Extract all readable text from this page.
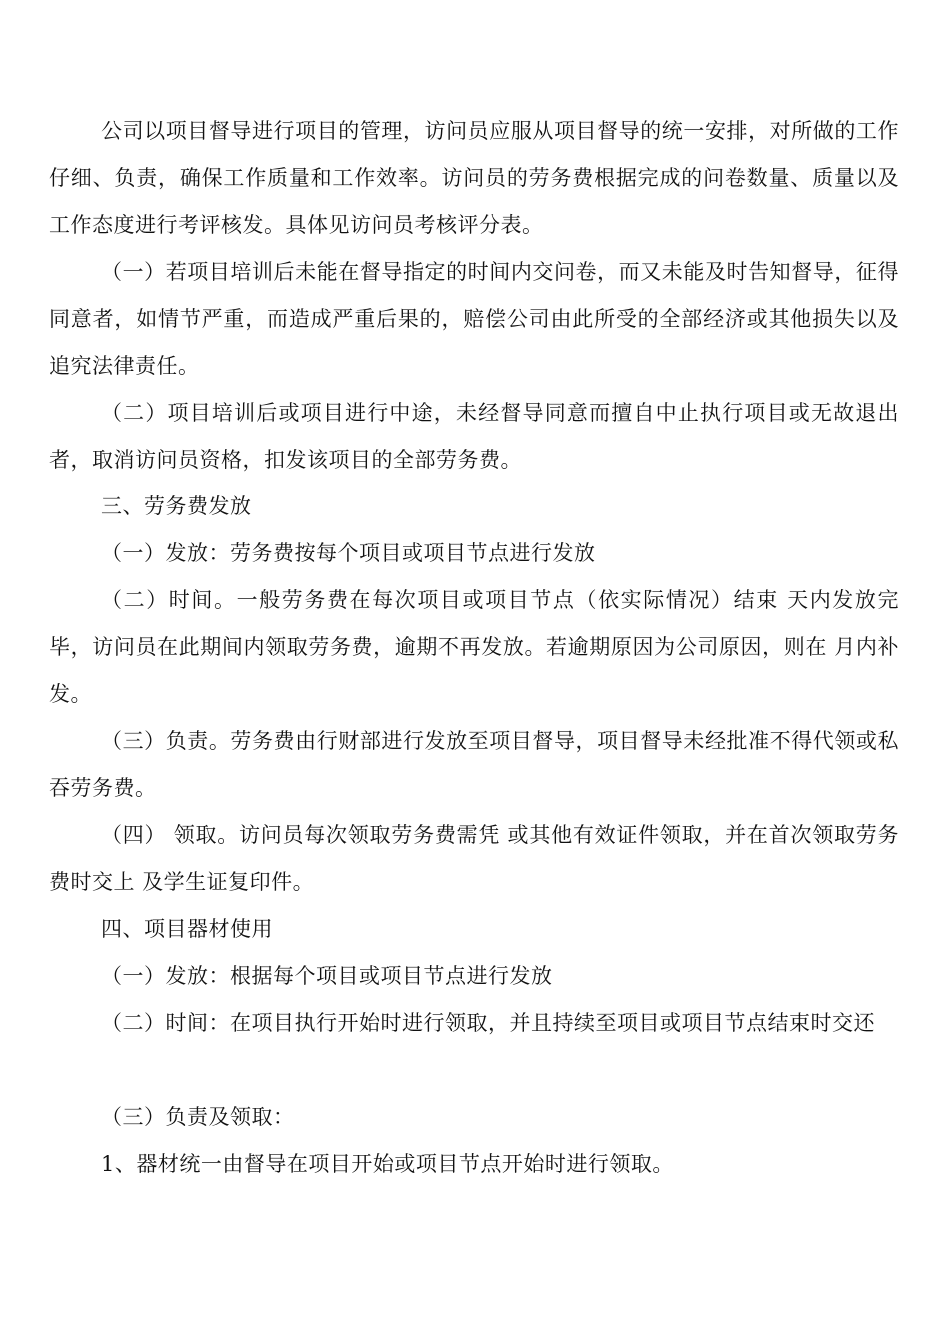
公司以项目督导进行项目的管理，访问员应服从项目督导的统一安排，对所做的工作仔细、负责，确保工作质量和工作效率。访问员的劳务费根据完成的问卷数量、质量以及工作态度进行考评核发。具体见访问员考核评分表。

（一）若项目培训后未能在督导指定的时间内交问卷，而又未能及时告知督导，征得同意者，如情节严重，而造成严重后果的，赔偿公司由此所受的全部经济或其他损失以及追究法律责任。

（二）项目培训后或项目进行中途，未经督导同意而擅自中止执行项目或无故退出者，取消访问员资格，扣发该项目的全部劳务费。

三、劳务费发放

（一）发放：劳务费按每个项目或项目节点进行发放

（二）时间。一般劳务费在每次项目或项目节点（依实际情况）结束 天内发放完毕，访问员在此期间内领取劳务费，逾期不再发放。若逾期原因为公司原因，则在 月内补发。

（三）负责。劳务费由行财部进行发放至项目督导，项目督导未经批准不得代领或私吞劳务费。

（四） 领取。访问员每次领取劳务费需凭 或其他有效证件领取，并在首次领取劳务费时交上 及学生证复印件。

四、项目器材使用

（一）发放：根据每个项目或项目节点进行发放

（二）时间：在项目执行开始时进行领取，并且持续至项目或项目节点结束时交还

（三）负责及领取：

1、器材统一由督导在项目开始或项目节点开始时进行领取。
